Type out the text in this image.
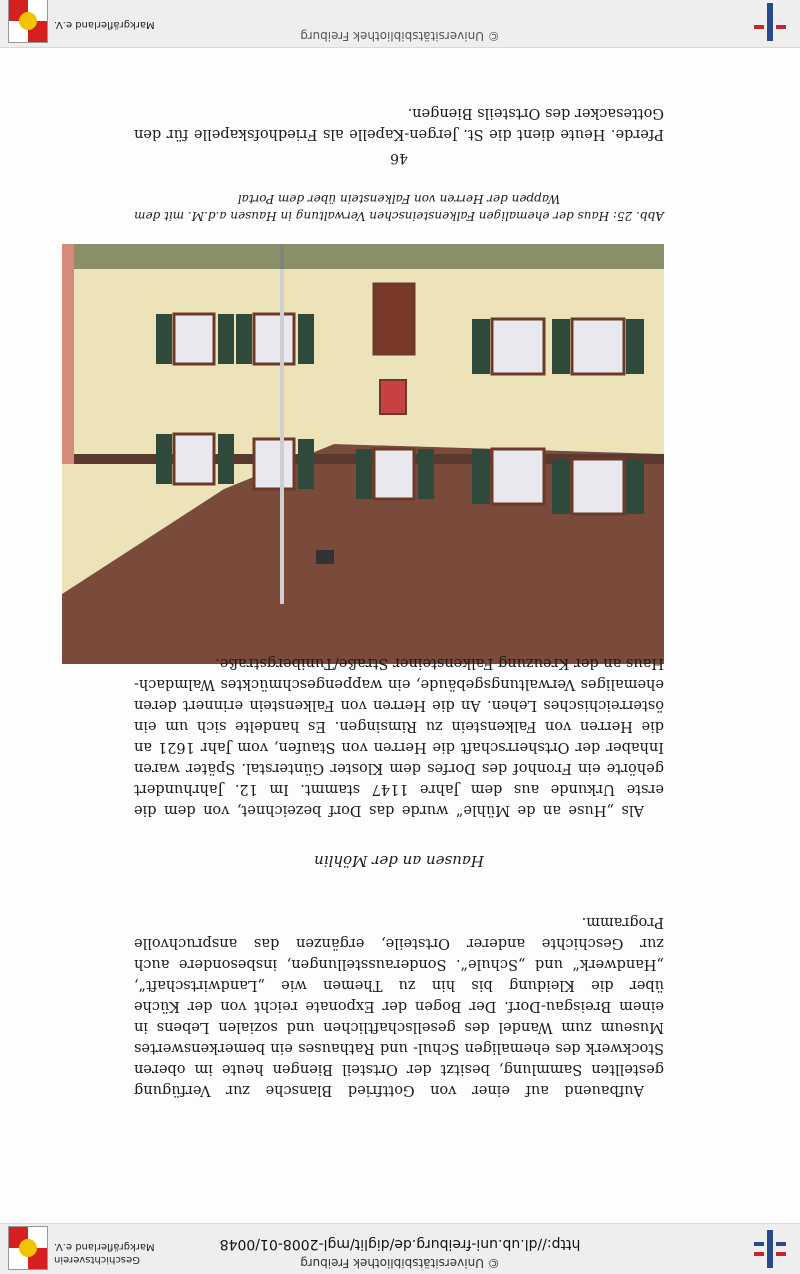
© Universitätsbibliothek Freiburg
http://dl.ub.uni-freiburg.de/diglit/mgl-2008-01/0048
Geschichtsverein
Markgräflerland e.V.
46
Abb. 25: Haus der ehemaligen Falkensteinschen Verwaltung in Hausen a.d.M. mit dem Wappen der Herren von Falkenstein über dem Portal

Pferde. Heute dient die St. Jergen-Kapelle als Friedhofskapelle für den Gottesacker des Ortsteils Biengen.

Hausen an der Möhlin

Als „Huse an de Mühle“ wurde das Dorf bezeichnet, von dem die erste Urkunde aus dem Jahre 1147 stammt. Im 12. Jahrhundert gehörte ein Fronhof des Dorfes dem Kloster Günterstal. Später waren Inhaber der Ortsherrschaft die Herren von Staufen, vom Jahr 1621 an die Herren von Falkenstein zu Rimsingen. Es handelte sich um ein österreichisches Lehen. An die Herren von Falkenstein erinnert deren ehemaliges Verwaltungsgebäude, ein wappengeschmücktes Walmdach-Haus an der Kreuzung Falkensteiner Straße/Tunibergstraße.

Aufbauend auf einer von Gottfried Blansche zur Verfügung gestellten Sammlung, besitzt der Ortsteil Biengen heute im oberen Stockwerk des ehemaligen Schul- und Rathauses ein bemerkenswertes Museum zum Wandel des gesellschaftlichen und sozialen Lebens in einem Breisgau-Dorf. Der Bogen der Exponate reicht von der Küche über die Kleidung bis hin zu Themen wie „Landwirtschaft“, „Handwerk“ und „Schule“. Sonderausstellungen, insbesondere auch zur Geschichte anderer Ortsteile, ergänzen das anspruchvolle Programm.

© Universitätsbibliothek Freiburg
Markgräflerland e.V.
